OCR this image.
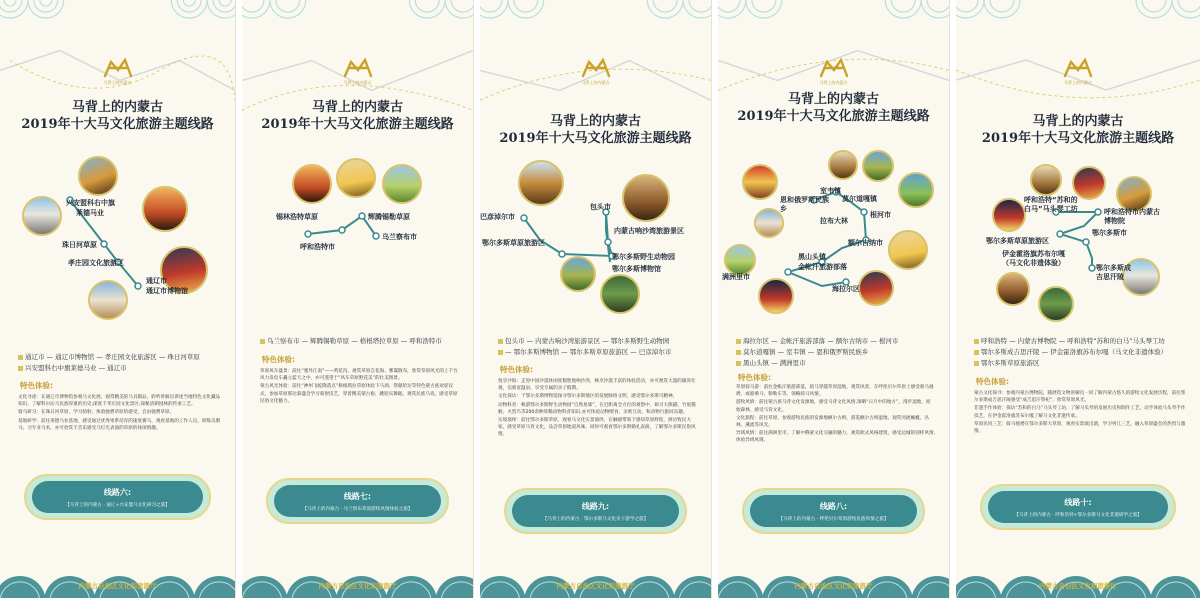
马背上的内蒙古
马背上的内蒙古
2019年十大马文化旅游主题线路
兴安盟科右中旗
莱德马业
珠日河草原
孝庄园文化旅游区
通辽市
通辽市博物馆
通辽市 — 通辽市博物馆 — 孝庄园文化旅游区 — 珠日河草原
兴安盟科右中旗莱德马业 — 通辽市
特色体验:

文化寻迹：在通辽市博物馆参观马文化展，观赏精美的马具制品，聆听讲解员讲述当地特色文化藏品知识，了解科尔沁马民族厚重的历史;深度千孝庄园文化景区,探秘清朝园林的传承工艺。

骑马研习：在珠日河草原，学习骑射、体验驰骋草原的感受，自由驰骋草原。

基地研学：前往莱德马业基地，感受通过优秀果系培育的速度赛马，观看基地的工作人员、训练员驯马、习专业马术，亦可欣赏千音乐感受马灯光表演的草原的休闲情趣。

线路六:
【马背上的内蒙古 · 通辽+兴安盟马文化研习之旅】
内蒙古自治区文化和旅游厅
马背上的内蒙古
马背上的内蒙古
2019年十大马文化旅游主题线路
锡林浩特草原	辉腾锡勒草原
乌兰察布市
呼和浩特市
乌兰察布市 — 辉腾锡勒草原 — 格根塔拉草原 — 呼和浩特市
特色体验:

草原风车盛景：前往“塞外江南”——黄花沟，观赏草原自花海、雾霭散布，欣赏草原风光的上千台风力发电车矗立蓝天之中，亦可遥望于“风车草原野花美”的壮美图景。

蒙古风光体验：前往“神州飞蛇降落点”格根塔拉草原体验下马酒、祭献哈达等特色蒙古族欢迎仪式，参加草原那达慕盛会学习骑射技艺，穿着精美蒙古袍、跳迎宾舞蹈，观赏民族马戏，感受草原民俗文化魅力。

线路七:
【马背上的内蒙古 · 乌兰察布草原游牧风情体验之旅】
内蒙古自治区文化和旅游厅
马背上的内蒙古
马背上的内蒙古
2019年十大马文化旅游主题线路
巴彦淖尔市
包头市
内蒙古响沙湾旅游景区
鄂尔多斯草原旅游区
鄂尔多斯野生动物园
鄂尔多斯博物馆
包头市 — 内蒙古响沙湾旅游景区 — 鄂尔多斯野生动物园
— 鄂尔多斯博物馆 — 鄂尔多斯草原旅游区 — 巴彦淖尔市
特色体验:

悦享沙海：走进中国沙漠休闲度假胜地响沙湾，畅享沙漠丰富的体验活动，亦可观赏大漠的雄浑壮观，信骑宽温泉，享受专属的亲子假期。

文化探访：于鄂尔多斯博物馆探寻鄂尔多斯地区的发展脉络文明，感受鄂尔多斯马精神。

动物科普：畅游鄂尔多斯野生动物园“自然星球”，在近距离全方位的观察中，研习大熊猫、竹尾猫猴、火烈鸟等200余种珍稀动物科普知识,亦可体验动物喂食、亲密互动、和动物行旅同乐趣。

实境演绎：前往鄂尔多斯草原，观看马文化实景演绎，在触感带领下感知草原辉煌，拼访牧民大家，感受草原马背文化，品尝草原地道风味，同时可观看鄂尔多斯婚礼表演，了解鄂尔多斯民俗风情。

线路九:
【马背上的内蒙古 · 鄂尔多斯马文化亲子游学之旅】
内蒙古自治区文化和旅游厅
马背上的内蒙古
马背上的内蒙古
2019年十大马文化旅游主题线路
恩和俄罗斯民族乡
室韦镇
莫尔道嘎镇
拉布大林
额尔古纳市
根河市
黑山头镇
金帐汗旅游部落
满洲里市
海拉尔区
海拉尔区 — 金帐汗旅游部落 — 额尔古纳市 — 根河市
莫尔道嘎镇 — 室韦镇 — 恩和俄罗斯民族乡
黑山头镇 — 满洲里市
特色体验:

草原骑马游：前往金帐汗旅游部落，骑马穿越草原湿地，观赏风景，在呼伦贝尔草原上感受骑马驰骋、或骑乘马、勒勒车等，领略骑马风情。

游牧风情：前往蒙古族马背文化发源地，感受马背文化风情,领略“日月中的地方”，漫步湿地、原始森林，感受马背文化。

文化旅程：前往草原，参观游牧民族的发源地额尔古纳，游览额尔古纳湿地，观赏河流蜿蜒、丛林、溪流等风光。

异域风情：前往满洲里市，了解中俄蒙文化交融的魅力，观赏欧式风格建筑，感受边城的别样风情,体验异域风情。

线路八:
【马背上的内蒙古 · 呼伦贝尔草原游牧民族风情之旅】
内蒙古自治区文化和旅游厅
马背上的内蒙古
马背上的内蒙古
2019年十大马文化旅游主题线路
呼和浩特“苏和的白马”马头琴工坊	呼和浩特市内蒙古博物院
鄂尔多斯草原旅游区
鄂尔多斯市
伊金霍洛旗苏布尔嘎（马文化非遗体验）
鄂尔多斯成吉思汗陵
呼和浩特 — 内蒙古博物院 — 呼和浩特“苏和的白马”马头琴工坊
鄂尔多斯成吉思汗陵 — 伊金霍洛旗苏布尔嘎（马文化非遗体验）
鄂尔多斯草原旅游区
特色体验:

蒙古文化探寻：参观内蒙古博物院，随展馆文物讲解员一同了解内蒙古悠久的游牧文化发展历程，前往鄂尔多斯成吉思汗陵感受“成吉思汗祭祀”，欣赏草原风光。

非遗手作体验：探访“苏和的白马”马头琴工坊，了解马头琴的发展历史和制作工艺，动手体验马头琴手作技艺，在伊金霍洛旗苏布尔嘎了解马文化非遗传承。

草原民风三艺：骑马驰骋在鄂尔多斯大草原，观看实景演出剧，学习男儿三艺，融入草原盛会的热烈与激情。

线路十:
【马背上的内蒙古 · 呼和浩特+鄂尔多斯马文化非遗研学之旅】
内蒙古自治区文化和旅游厅
